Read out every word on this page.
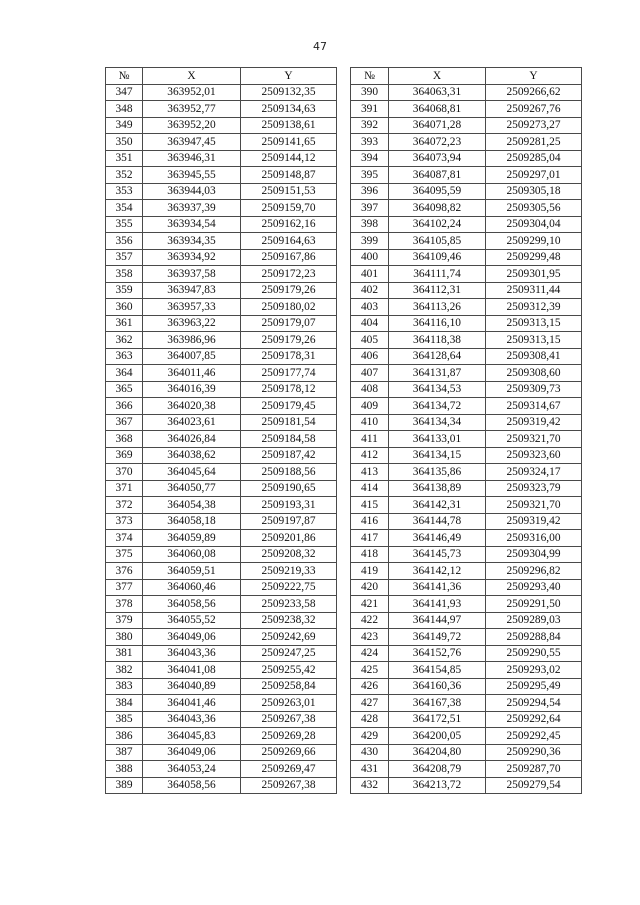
47
№	X	Y		№	X	Y
347	363952,01	2509132,35		390	364063,31	2509266,62
348	363952,77	2509134,63		391	364068,81	2509267,76
349	363952,20	2509138,61		392	364071,28	2509273,27
350	363947,45	2509141,65		393	364072,23	2509281,25
351	363946,31	2509144,12		394	364073,94	2509285,04
352	363945,55	2509148,87		395	364087,81	2509297,01
353	363944,03	2509151,53		396	364095,59	2509305,18
354	363937,39	2509159,70		397	364098,82	2509305,56
355	363934,54	2509162,16		398	364102,24	2509304,04
356	363934,35	2509164,63		399	364105,85	2509299,10
357	363934,92	2509167,86		400	364109,46	2509299,48
358	363937,58	2509172,23		401	364111,74	2509301,95
359	363947,83	2509179,26		402	364112,31	2509311,44
360	363957,33	2509180,02		403	364113,26	2509312,39
361	363963,22	2509179,07		404	364116,10	2509313,15
362	363986,96	2509179,26		405	364118,38	2509313,15
363	364007,85	2509178,31		406	364128,64	2509308,41
364	364011,46	2509177,74		407	364131,87	2509308,60
365	364016,39	2509178,12		408	364134,53	2509309,73
366	364020,38	2509179,45		409	364134,72	2509314,67
367	364023,61	2509181,54		410	364134,34	2509319,42
368	364026,84	2509184,58		411	364133,01	2509321,70
369	364038,62	2509187,42		412	364134,15	2509323,60
370	364045,64	2509188,56		413	364135,86	2509324,17
371	364050,77	2509190,65		414	364138,89	2509323,79
372	364054,38	2509193,31		415	364142,31	2509321,70
373	364058,18	2509197,87		416	364144,78	2509319,42
374	364059,89	2509201,86		417	364146,49	2509316,00
375	364060,08	2509208,32		418	364145,73	2509304,99
376	364059,51	2509219,33		419	364142,12	2509296,82
377	364060,46	2509222,75		420	364141,36	2509293,40
378	364058,56	2509233,58		421	364141,93	2509291,50
379	364055,52	2509238,32		422	364144,97	2509289,03
380	364049,06	2509242,69		423	364149,72	2509288,84
381	364043,36	2509247,25		424	364152,76	2509290,55
382	364041,08	2509255,42		425	364154,85	2509293,02
383	364040,89	2509258,84		426	364160,36	2509295,49
384	364041,46	2509263,01		427	364167,38	2509294,54
385	364043,36	2509267,38		428	364172,51	2509292,64
386	364045,83	2509269,28		429	364200,05	2509292,45
387	364049,06	2509269,66		430	364204,80	2509290,36
388	364053,24	2509269,47		431	364208,79	2509287,70
389	364058,56	2509267,38		432	364213,72	2509279,54
